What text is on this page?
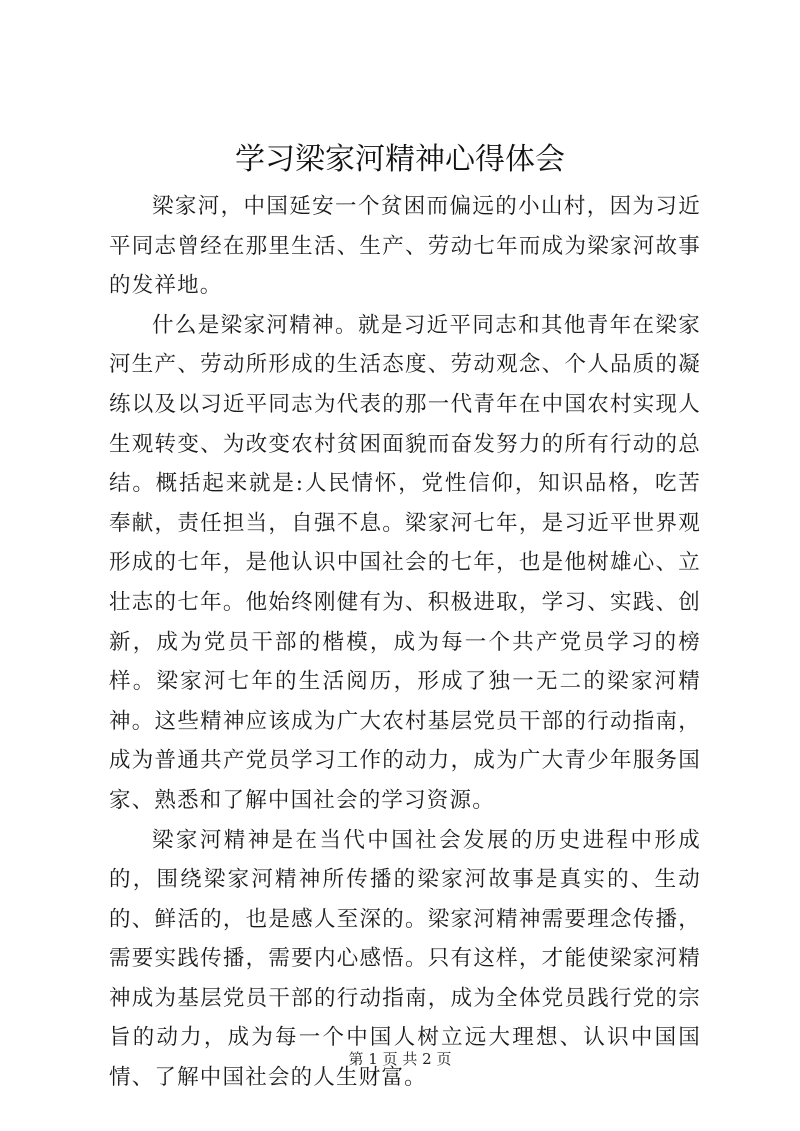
学习梁家河精神心得体会

梁家河，中国延安一个贫困而偏远的小山村，因为习近平同志曾经在那里生活、生产、劳动七年而成为梁家河故事的发祥地。

什么是梁家河精神。就是习近平同志和其他青年在梁家河生产、劳动所形成的生活态度、劳动观念、个人品质的凝练以及以习近平同志为代表的那一代青年在中国农村实现人生观转变、为改变农村贫困面貌而奋发努力的所有行动的总结。概括起来就是:人民情怀，党性信仰，知识品格，吃苦奉献，责任担当，自强不息。梁家河七年，是习近平世界观形成的七年，是他认识中国社会的七年，也是他树雄心、立壮志的七年。他始终刚健有为、积极进取，学习、实践、创新，成为党员干部的楷模，成为每一个共产党员学习的榜样。梁家河七年的生活阅历，形成了独一无二的梁家河精神。这些精神应该成为广大农村基层党员干部的行动指南，成为普通共产党员学习工作的动力，成为广大青少年服务国家、熟悉和了解中国社会的学习资源。

梁家河精神是在当代中国社会发展的历史进程中形成的，围绕梁家河精神所传播的梁家河故事是真实的、生动的、鲜活的，也是感人至深的。梁家河精神需要理念传播，需要实践传播，需要内心感悟。只有这样，才能使梁家河精神成为基层党员干部的行动指南，成为全体党员践行党的宗旨的动力，成为每一个中国人树立远大理想、认识中国国情、了解中国社会的人生财富。

第 1 页 共 2 页
